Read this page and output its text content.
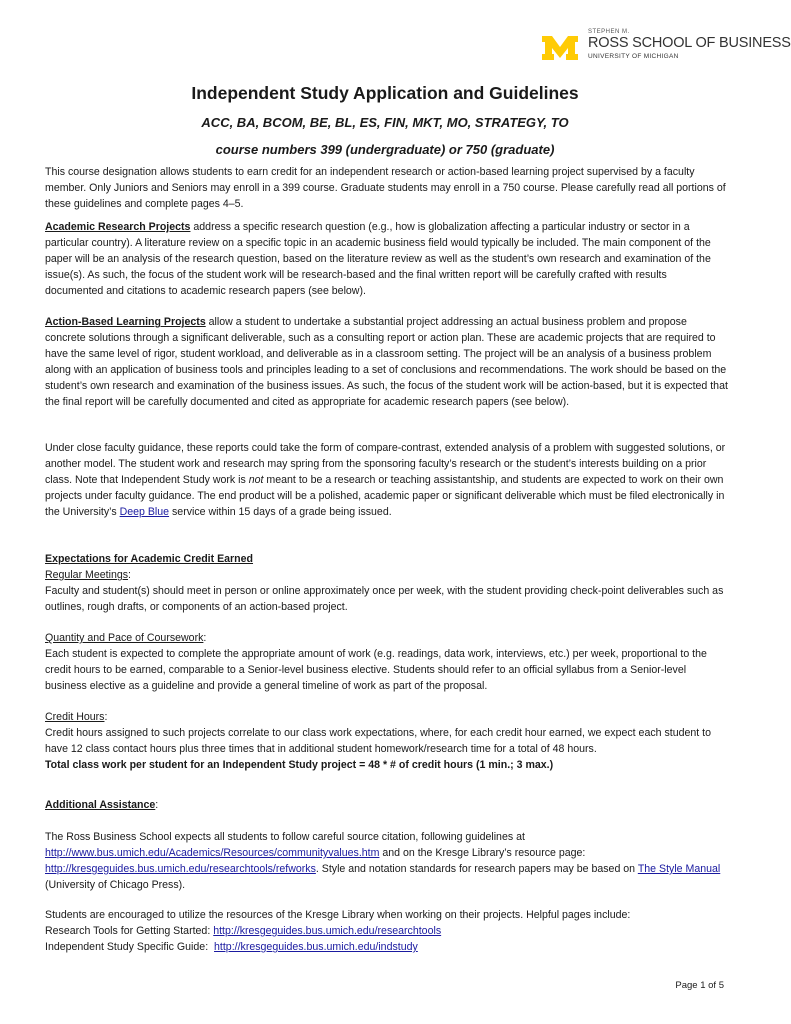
STEPHEN M.
ROSS SCHOOL OF BUSINESS
UNIVERSITY OF MICHIGAN
Independent Study Application and Guidelines
ACC, BA, BCOM, BE, BL, ES, FIN, MKT, MO, STRATEGY, TO
course numbers 399 (undergraduate) or 750 (graduate)
This course designation allows students to earn credit for an independent research or action-based learning project supervised by a faculty member. Only Juniors and Seniors may enroll in a 399 course. Graduate students may enroll in a 750 course. Please carefully read all portions of these guidelines and complete pages 4–5.
Academic Research Projects address a specific research question (e.g., how is globalization affecting a particular industry or sector in a particular country). A literature review on a specific topic in an academic business field would typically be included. The main component of the paper will be an analysis of the research question, based on the literature review as well as the student’s own research and examination of the issue(s). As such, the focus of the student work will be research-based and the final written report will be carefully crafted with results documented and citations to academic research papers (see below).
Action-Based Learning Projects allow a student to undertake a substantial project addressing an actual business problem and propose concrete solutions through a significant deliverable, such as a consulting report or action plan. These are academic projects that are required to have the same level of rigor, student workload, and deliverable as in a classroom setting. The project will be an analysis of a business problem along with an application of business tools and principles leading to a set of conclusions and recommendations. The work should be based on the student’s own research and examination of the business issues. As such, the focus of the student work will be action-based, but it is expected that the final report will be carefully documented and cited as appropriate for academic research papers (see below).
Under close faculty guidance, these reports could take the form of compare-contrast, extended analysis of a problem with suggested solutions, or another model. The student work and research may spring from the sponsoring faculty’s research or the student’s interests building on a prior class. Note that Independent Study work is not meant to be a research or teaching assistantship, and students are expected to work on their own projects under faculty guidance. The end product will be a polished, academic paper or significant deliverable which must be filed electronically in the University’s Deep Blue service within 15 days of a grade being issued.
Expectations for Academic Credit Earned
Regular Meetings:
Faculty and student(s) should meet in person or online approximately once per week, with the student providing check-point deliverables such as outlines, rough drafts, or components of an action-based project.
Quantity and Pace of Coursework:
Each student is expected to complete the appropriate amount of work (e.g. readings, data work, interviews, etc.) per week, proportional to the credit hours to be earned, comparable to a Senior-level business elective. Students should refer to an official syllabus from a Senior-level business elective as a guideline and provide a general timeline of work as part of the proposal.
Credit Hours:
Credit hours assigned to such projects correlate to our class work expectations, where, for each credit hour earned, we expect each student to have 12 class contact hours plus three times that in additional student homework/research time for a total of 48 hours.
Total class work per student for an Independent Study project = 48 * # of credit hours (1 min.; 3 max.)
Additional Assistance:
The Ross Business School expects all students to follow careful source citation, following guidelines at http://www.bus.umich.edu/Academics/Resources/communityvalues.htm and on the Kresge Library’s resource page: http://kresgeguides.bus.umich.edu/researchtools/refworks. Style and notation standards for research papers may be based on The Style Manual (University of Chicago Press).
Students are encouraged to utilize the resources of the Kresge Library when working on their projects. Helpful pages include:
Research Tools for Getting Started: http://kresgeguides.bus.umich.edu/researchtools
Independent Study Specific Guide:  http://kresgeguides.bus.umich.edu/indstudy
Page 1 of 5
